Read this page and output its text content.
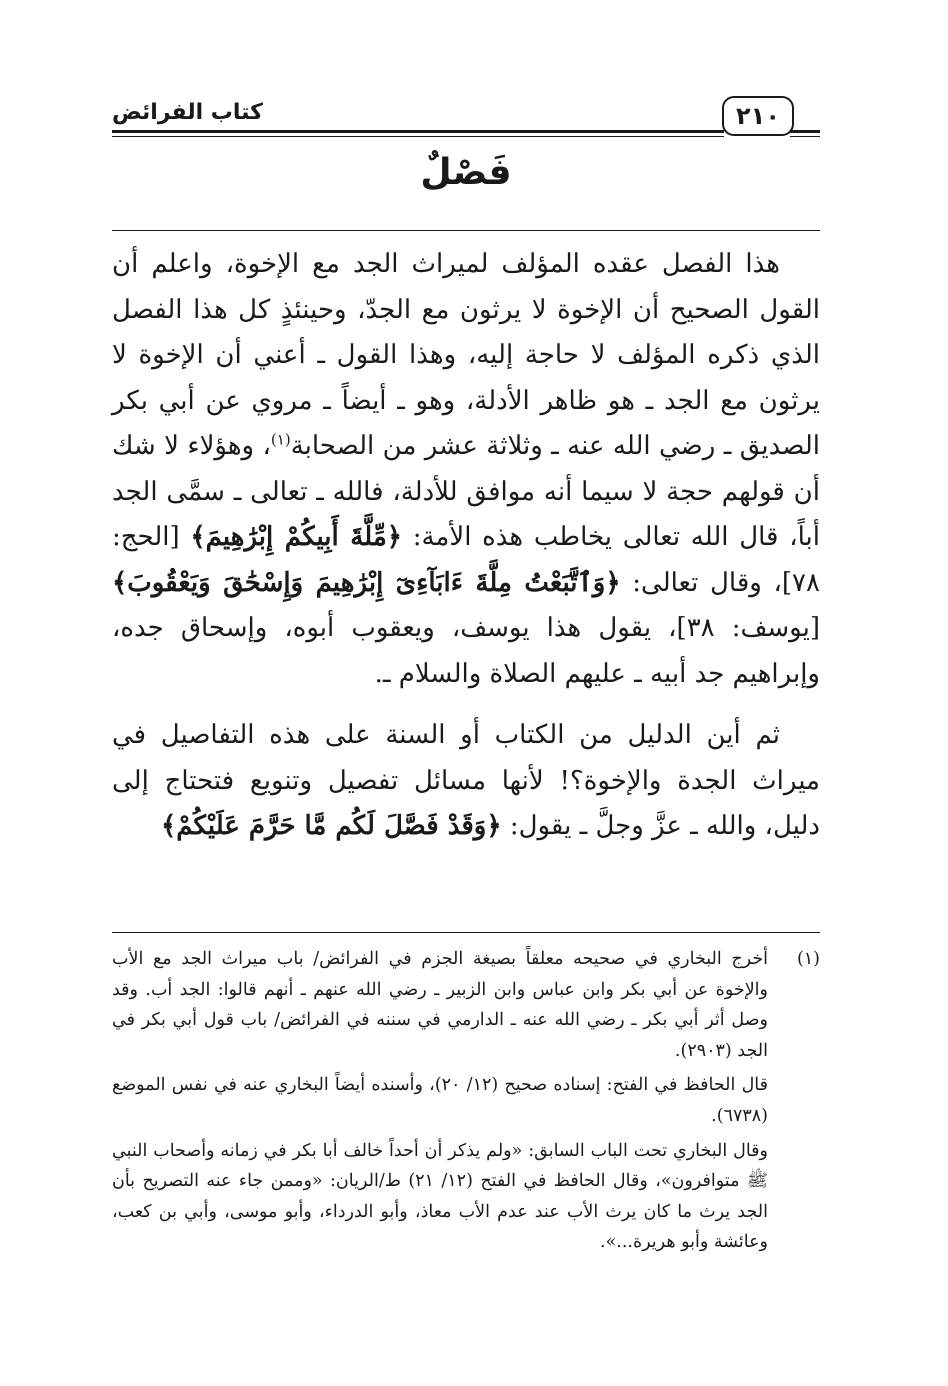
كتاب الفرائض	٢١٠
فَصْلٌ

هذا الفصل عقده المؤلف لميراث الجد مع الإخوة، واعلم أن القول الصحيح أن الإخوة لا يرثون مع الجدّ، وحينئذٍ كل هذا الفصل الذي ذكره المؤلف لا حاجة إليه، وهذا القول ـ أعني أن الإخوة لا يرثون مع الجد ـ هو ظاهر الأدلة، وهو ـ أيضاً ـ مروي عن أبي بكر الصديق ـ رضي الله عنه ـ وثلاثة عشر من الصحابة$^{(١)}$، وهؤلاء لا شك أن قولهم حجة لا سيما أنه موافق للأدلة، فالله ـ تعالى ـ سمَّى الجد أباً، قال الله تعالى يخاطب هذه الأمة: ﴿مِّلَّةَ أَبِيكُمْ إِبْرَٰهِيمَ﴾ [الحج: ٧٨]، وقال تعالى: ﴿وَٱتَّبَعْتُ مِلَّةَ ءَابَآءِىٓ إِبْرَٰهِيمَ وَإِسْحَٰقَ وَيَعْقُوبَ﴾ [يوسف: ٣٨]، يقول هذا يوسف، ويعقوب أبوه، وإسحاق جده، وإبراهيم جد أبيه ـ عليهم الصلاة والسلام ـ.

ثم أين الدليل من الكتاب أو السنة على هذه التفاصيل في ميراث الجدة والإخوة؟! لأنها مسائل تفصيل وتنويع فتحتاج إلى دليل، والله ـ عزَّ وجلَّ ـ يقول: ﴿وَقَدْ فَصَّلَ لَكُم مَّا حَرَّمَ عَلَيْكُمْ﴾

(١)

أخرج البخاري في صحيحه معلقاً بصيغة الجزم في الفرائض/ باب ميراث الجد مع الأب والإخوة عن أبي بكر وابن عباس وابن الزبير ـ رضي الله عنهم ـ أنهم قالوا: الجد أب. وقد وصل أثر أبي بكر ـ رضي الله عنه ـ الدارمي في سننه في الفرائض/ باب قول أبي بكر في الجد (٢٩٠٣).

قال الحافظ في الفتح: إسناده صحيح (١٢/ ٢٠)، وأسنده أيضاً البخاري عنه في نفس الموضع (٦٧٣٨).

وقال البخاري تحت الباب السابق: «ولم يذكر أن أحداً خالف أبا بكر في زمانه وأصحاب النبي ﷺ متوافرون»، وقال الحافظ في الفتح (١٢/ ٢١) ط/الريان: «وممن جاء عنه التصريح بأن الجد يرث ما كان يرث الأب عند عدم الأب معاذ، وأبو الدرداء، وأبو موسى، وأبي بن كعب، وعائشة وأبو هريرة...».
